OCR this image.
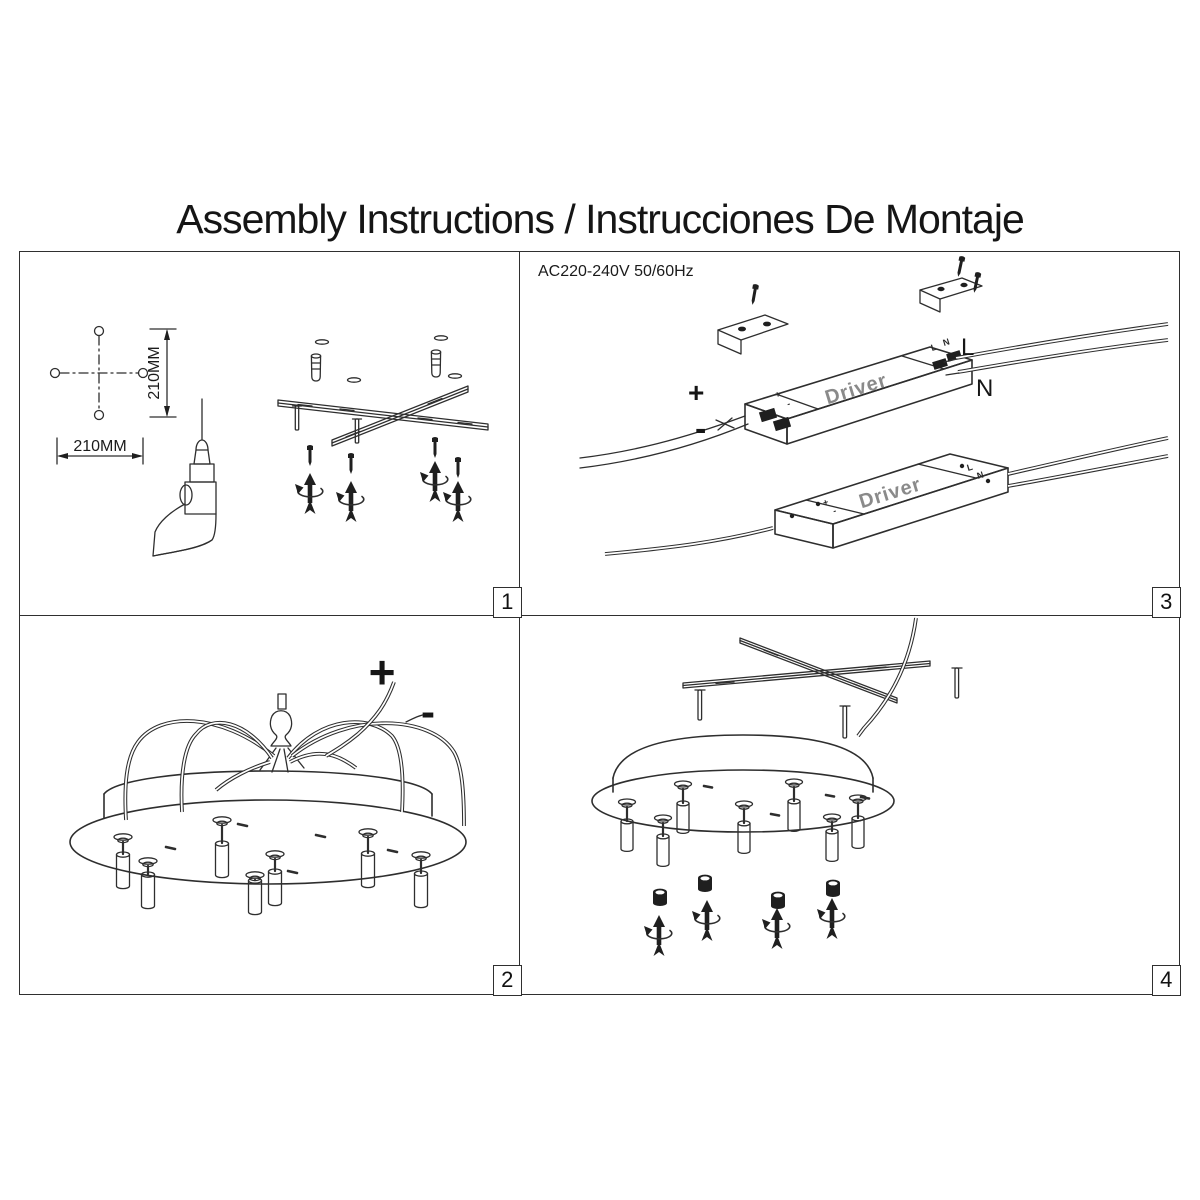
Assembly Instructions / Instrucciones De Montaje
210MM
210MM
1
AC220-240V 50/60Hz
Driver
+
-
L N
+
-
L
N
Driver
+
-
L
N
3
+
-
2	4
